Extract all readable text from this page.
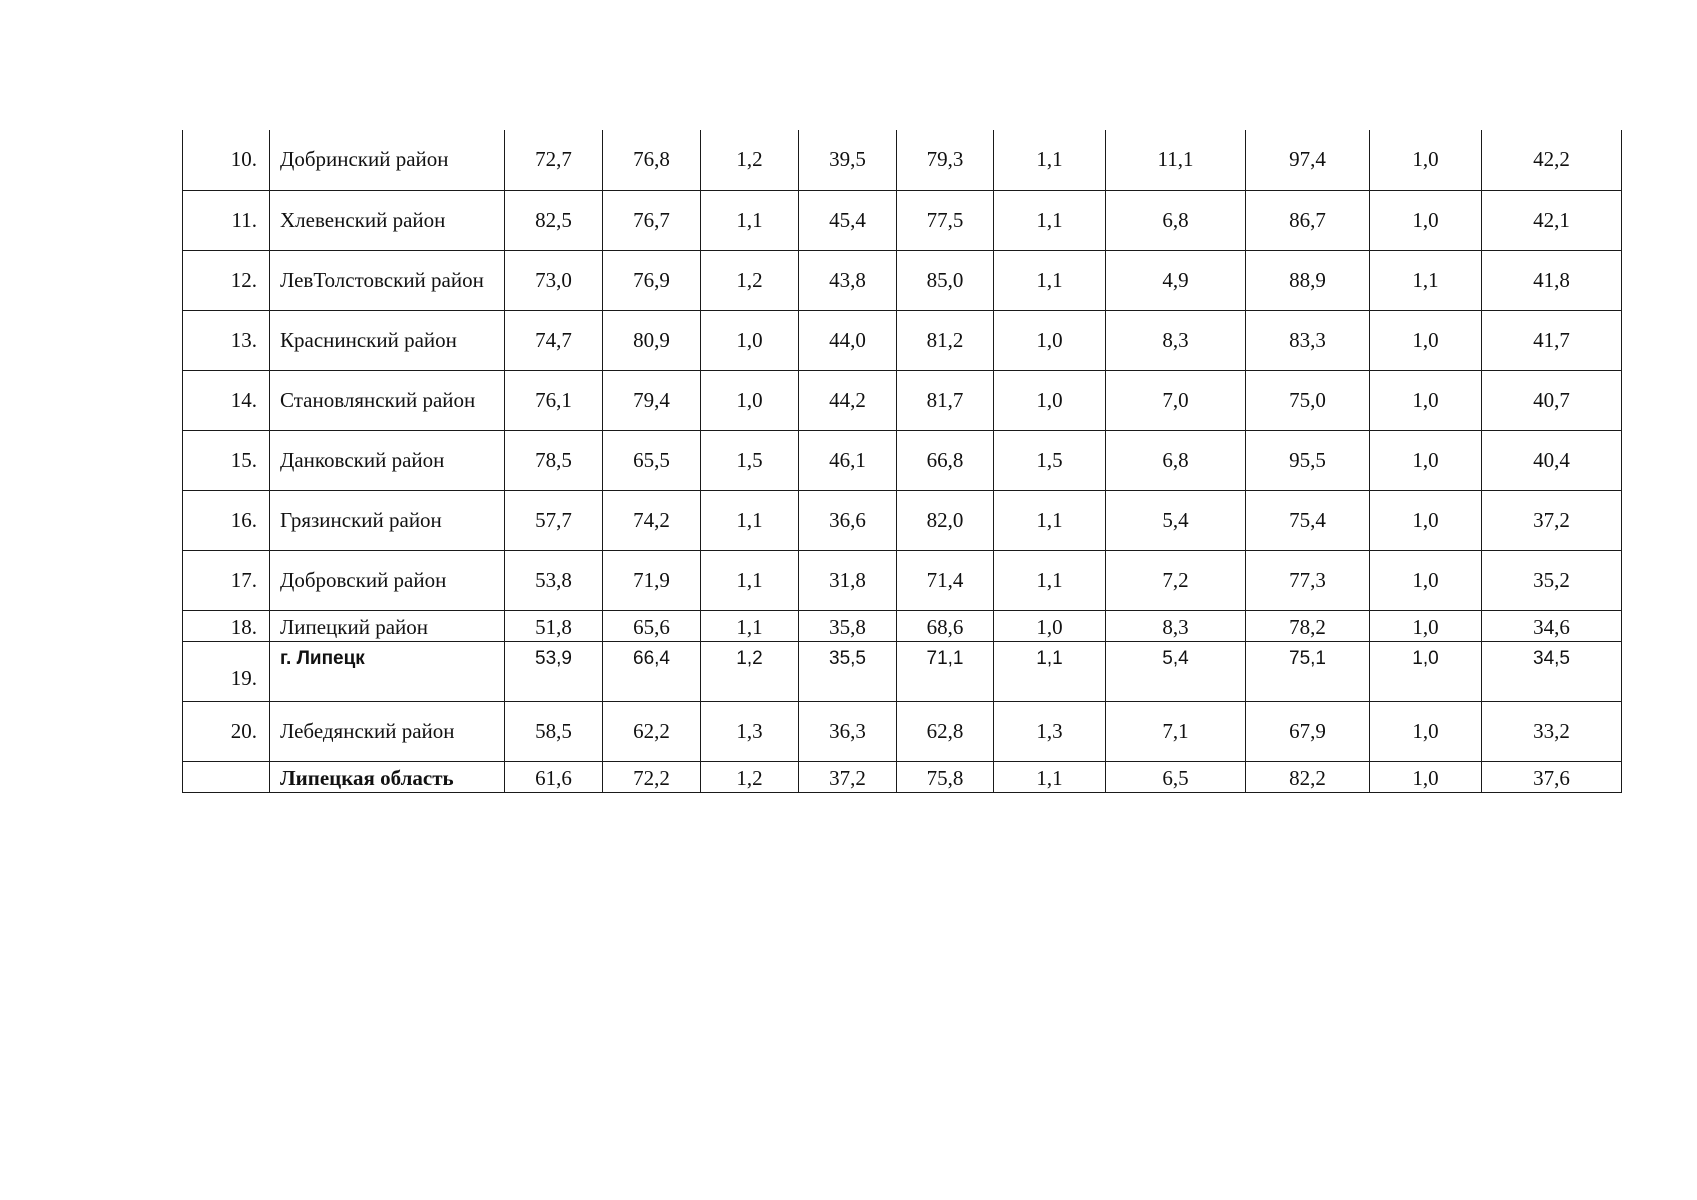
10.	Добринский район	72,7	76,8	1,2	39,5	79,3	1,1	11,1	97,4	1,0	42,2
11.	Хлевенский район	82,5	76,7	1,1	45,4	77,5	1,1	6,8	86,7	1,0	42,1
12.	ЛевТолстовский район	73,0	76,9	1,2	43,8	85,0	1,1	4,9	88,9	1,1	41,8
13.	Краснинский район	74,7	80,9	1,0	44,0	81,2	1,0	8,3	83,3	1,0	41,7
14.	Становлянский район	76,1	79,4	1,0	44,2	81,7	1,0	7,0	75,0	1,0	40,7
15.	Данковский район	78,5	65,5	1,5	46,1	66,8	1,5	6,8	95,5	1,0	40,4
16.	Грязинский район	57,7	74,2	1,1	36,6	82,0	1,1	5,4	75,4	1,0	37,2
17.	Добровский район	53,8	71,9	1,1	31,8	71,4	1,1	7,2	77,3	1,0	35,2
18.	Липецкий район	51,8	65,6	1,1	35,8	68,6	1,0	8,3	78,2	1,0	34,6
19.	г. Липецк	53,9	66,4	1,2	35,5	71,1	1,1	5,4	75,1	1,0	34,5
20.	Лебедянский район	58,5	62,2	1,3	36,3	62,8	1,3	7,1	67,9	1,0	33,2
	Липецкая область	61,6	72,2	1,2	37,2	75,8	1,1	6,5	82,2	1,0	37,6
